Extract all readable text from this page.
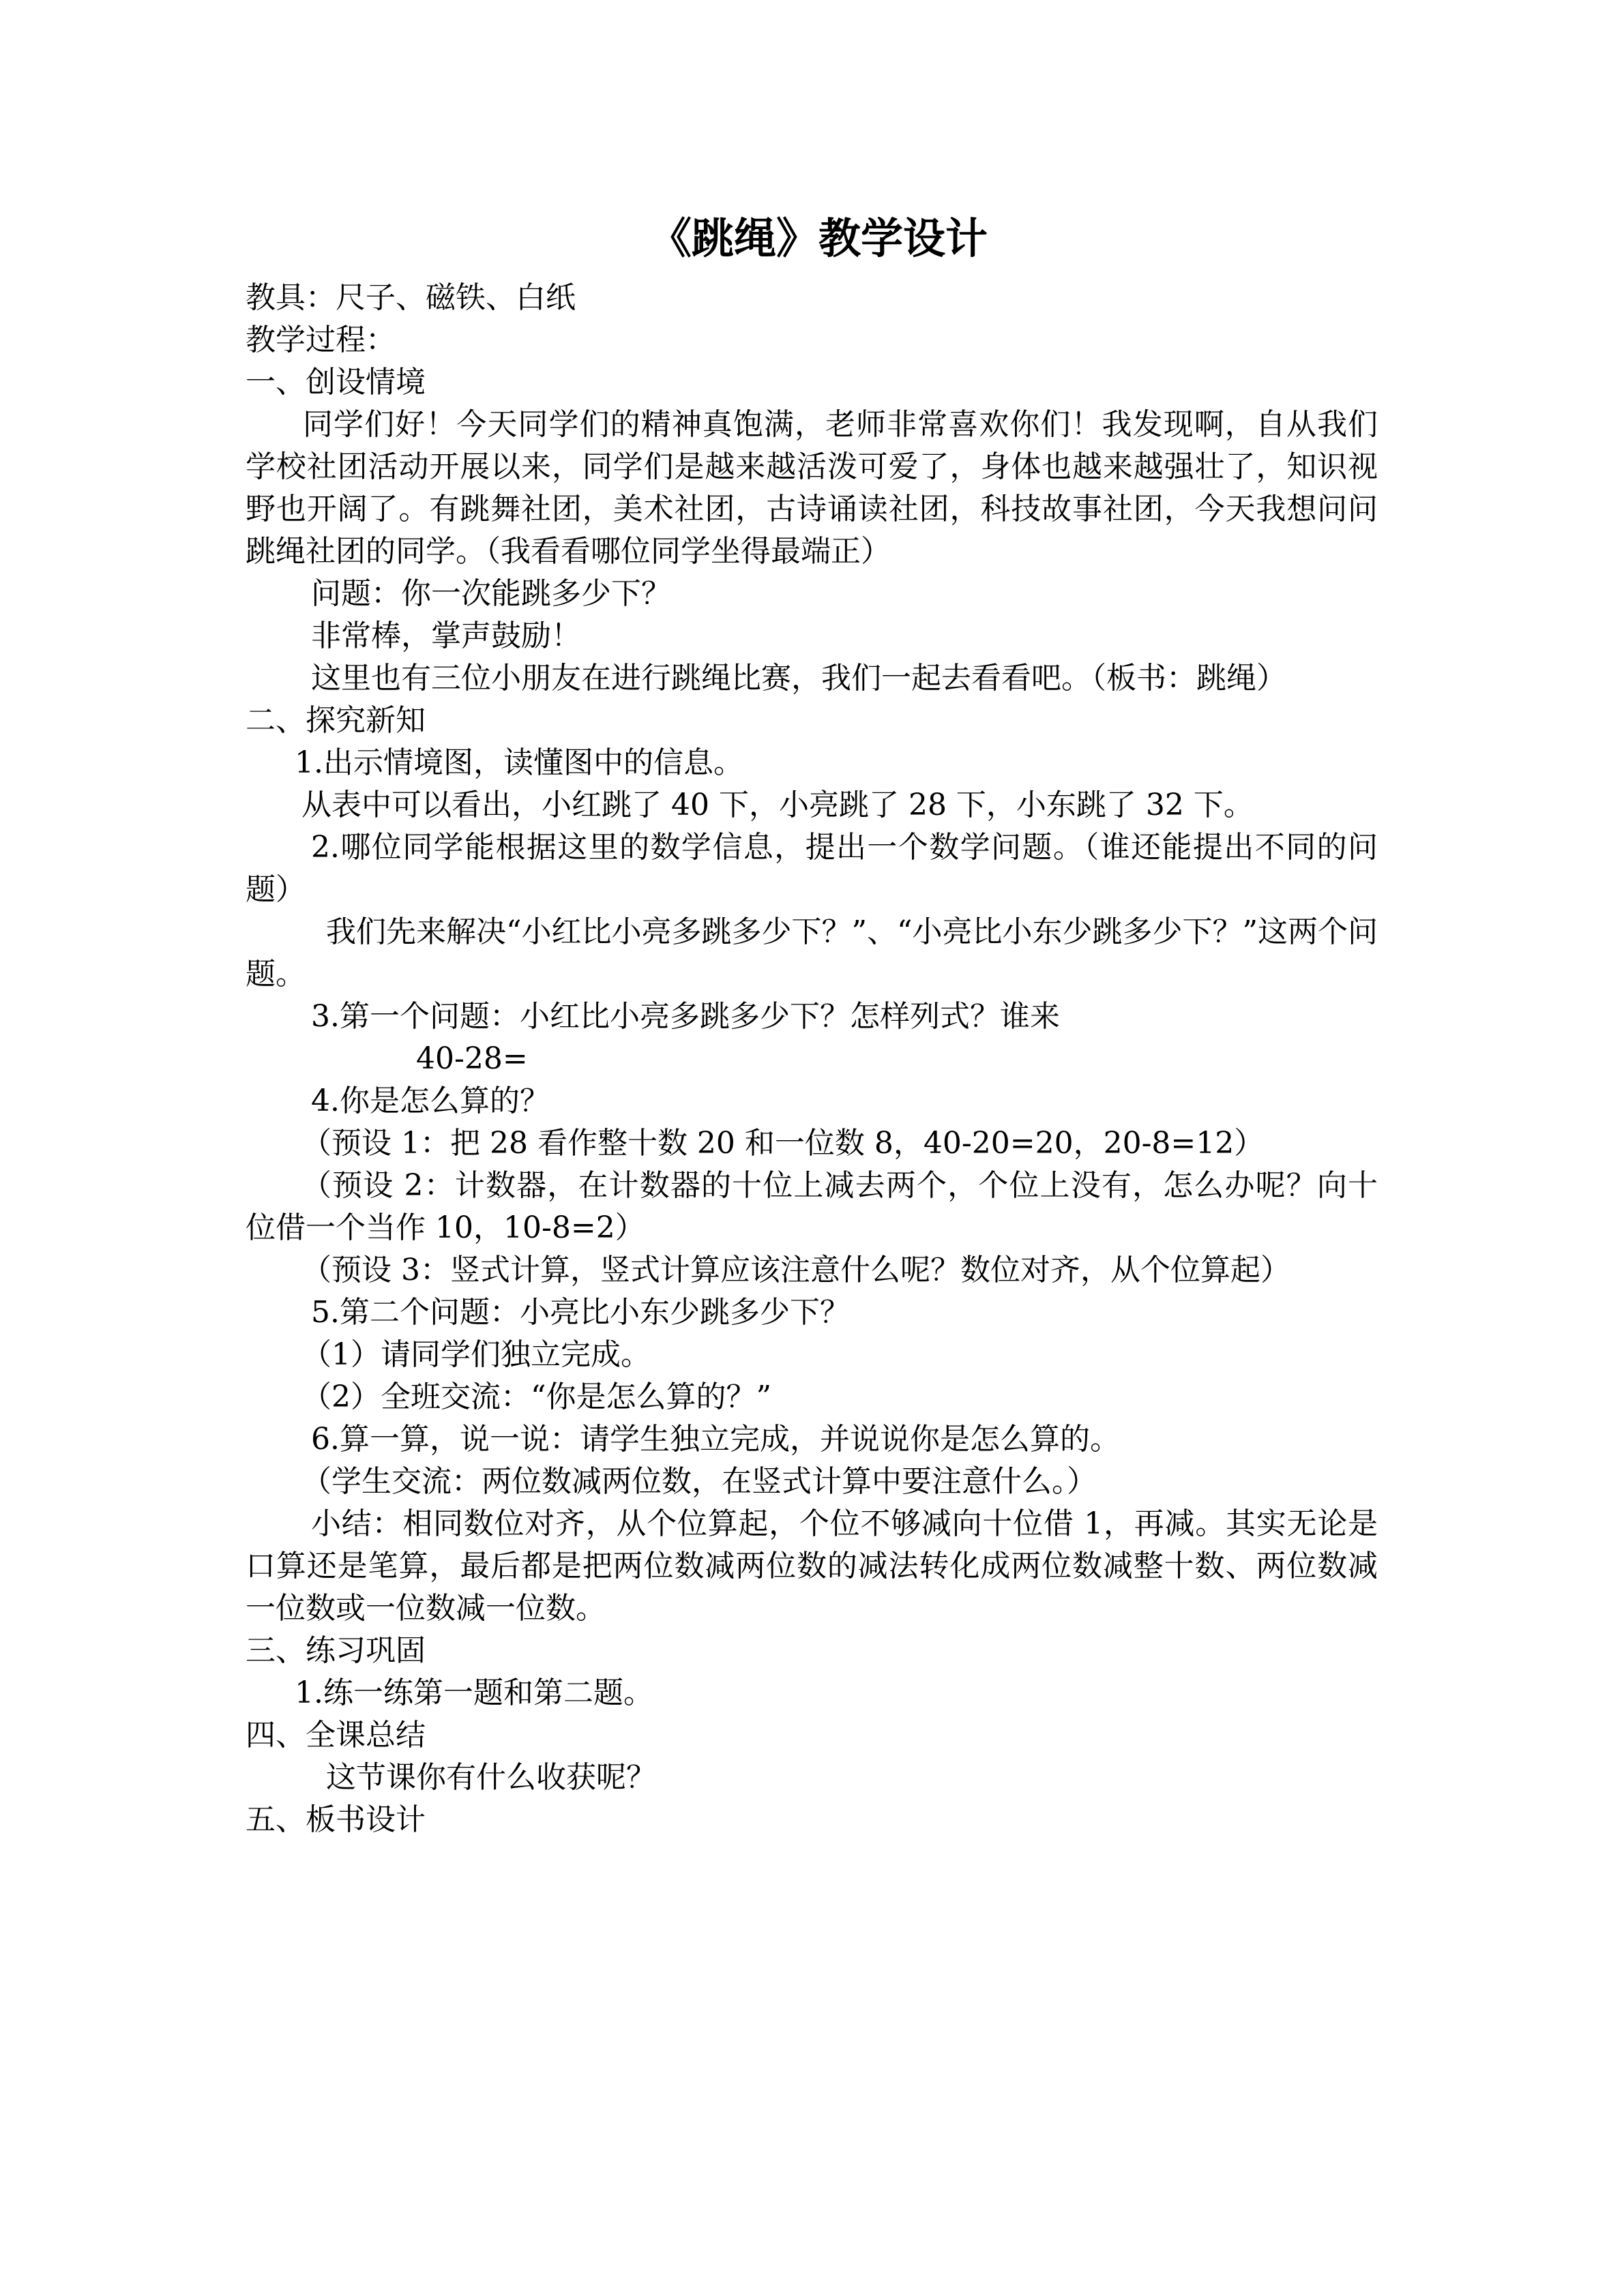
《跳绳》教学设计

教具：尺子、磁铁、白纸

教学过程：

一、创设情境

同学们好！今天同学们的精神真饱满，老师非常喜欢你们！我发现啊，自从我们学校社团活动开展以来，同学们是越来越活泼可爱了，身体也越来越强壮了，知识视野也开阔了。有跳舞社团，美术社团，古诗诵读社团，科技故事社团，今天我想问问跳绳社团的同学。（我看看哪位同学坐得最端正）

问题：你一次能跳多少下？

非常棒，掌声鼓励！

这里也有三位小朋友在进行跳绳比赛，我们一起去看看吧。（板书：跳绳）

二、探究新知

1.出示情境图，读懂图中的信息。

从表中可以看出，小红跳了 40 下，小亮跳了 28 下，小东跳了 32 下。

2.哪位同学能根据这里的数学信息，提出一个数学问题。（谁还能提出不同的问题）

我们先来解决“小红比小亮多跳多少下？”、“小亮比小东少跳多少下？”这两个问题。

3.第一个问题：小红比小亮多跳多少下？怎样列式？谁来

40-28=

4.你是怎么算的？

（预设 1：把 28 看作整十数 20 和一位数 8，40-20=20，20-8=12）

（预设 2：计数器，在计数器的十位上减去两个，个位上没有，怎么办呢？向十位借一个当作 10，10-8=2）

（预设 3：竖式计算，竖式计算应该注意什么呢？数位对齐，从个位算起）

5.第二个问题：小亮比小东少跳多少下？

（1）请同学们独立完成。

（2）全班交流：“你是怎么算的？”

6.算一算，说一说：请学生独立完成，并说说你是怎么算的。

（学生交流：两位数减两位数，在竖式计算中要注意什么。）

小结：相同数位对齐，从个位算起，个位不够减向十位借 1，再减。其实无论是口算还是笔算，最后都是把两位数减两位数的减法转化成两位数减整十数、两位数减一位数或一位数减一位数。

三、练习巩固

1.练一练第一题和第二题。

四、全课总结

这节课你有什么收获呢？

五、板书设计
